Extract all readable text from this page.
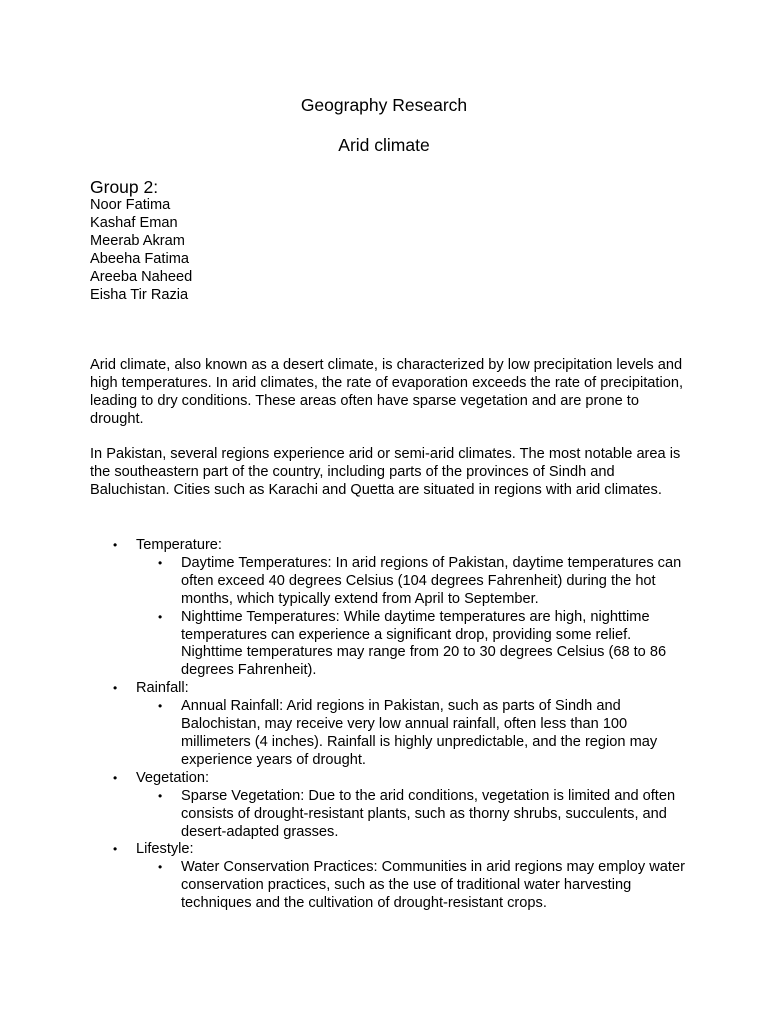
Geography Research
Arid climate
Group 2:
Noor Fatima
Kashaf Eman
Meerab Akram
Abeeha Fatima
Areeba Naheed
Eisha Tir Razia

Arid climate, also known as a desert climate, is characterized by low precipitation levels and high temperatures. In arid climates, the rate of evaporation exceeds the rate of precipitation, leading to dry conditions. These areas often have sparse vegetation and are prone to drought.

In Pakistan, several regions experience arid or semi-arid climates. The most notable area is the southeastern part of the country, including parts of the provinces of Sindh and Baluchistan. Cities such as Karachi and Quetta are situated in regions with arid climates.

• Temperature:
• Daytime Temperatures: In arid regions of Pakistan, daytime temperatures can often exceed 40 degrees Celsius (104 degrees Fahrenheit) during the hot months, which typically extend from April to September.
• Nighttime Temperatures: While daytime temperatures are high, nighttime temperatures can experience a significant drop, providing some relief. Nighttime temperatures may range from 20 to 30 degrees Celsius (68 to 86 degrees Fahrenheit).
• Rainfall:
• Annual Rainfall: Arid regions in Pakistan, such as parts of Sindh and Balochistan, may receive very low annual rainfall, often less than 100 millimeters (4 inches). Rainfall is highly unpredictable, and the region may experience years of drought.
• Vegetation:
• Sparse Vegetation: Due to the arid conditions, vegetation is limited and often consists of drought-resistant plants, such as thorny shrubs, succulents, and desert-adapted grasses.
• Lifestyle:
• Water Conservation Practices: Communities in arid regions may employ water conservation practices, such as the use of traditional water harvesting techniques and the cultivation of drought-resistant crops.
